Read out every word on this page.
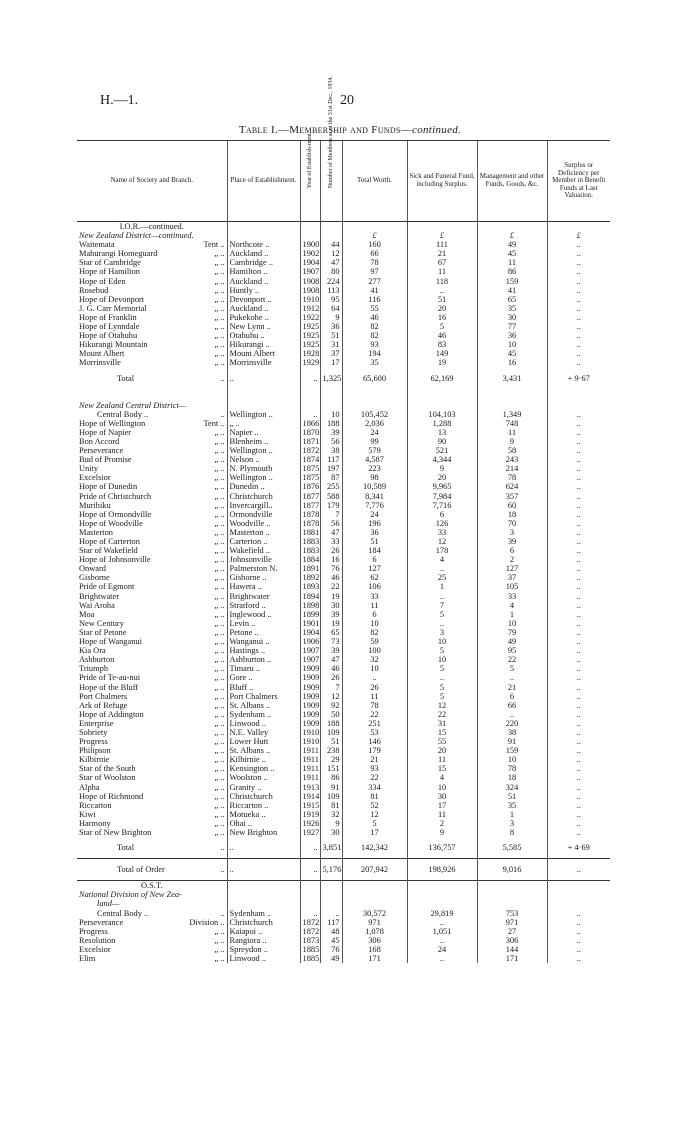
H.—1.	20
Table I.—Membership and Funds—continued.
Name of Society and Branch.	Place of Establishment.	Year of Establish-ment.	Number of Members as at the 31st Dec., 1934.	Total Worth.	Sick and Funeral Fund, including Surplus.	Management and other Funds, Goods, &c.	Surplus or Deficiency per Member in Benefit Funds at Last Valuation.
I.O.R.—continued.							
New Zealand District—continued.				£	£	£	£
Waitemata Tent ..	Northcote ..	1900	44	160	111	49	..
Mahurangi Homeguard „ ..	Auckland ..	1902	12	66	21	45	..
Star of Cambridge „ ..	Cambridge ..	1904	47	78	67	11	..
Hope of Hamilton „ ..	Hamilton ..	1907	80	97	11	86	..
Hope of Eden „ ..	Auckland ..	1908	224	277	118	159	..
Rosebud „ ..	Huntly ..	1908	113	41	..	41	..
Hope of Devonport „ ..	Devonport ..	1910	95	116	51	65	..
J. G. Carr Memorial „ ..	Auckland ..	1912	64	55	20	35	..
Hope of Franklin „ ..	Pukekohe ..	1922	9	46	16	30	..
Hope of Lynndale „ ..	New Lynn ..	1925	36	82	5	77	..
Hope of Otahuhu „ ..	Otahuhu ..	1925	51	82	46	36	..
Hikurangi Mountain „ ..	Hikurangi ..	1925	31	93	83	10	..
Mount Albert „ ..	Mount Albert	1928	37	194	149	45	..
Morrinsville „ ..	Morrinsville	1929	17	35	19	16	..
Total ..	..	..	1,325	65,600	62,169	3,431	+ 9·67

New Zealand Central District—							
Central Body .. ..	Wellington ..	..	10	105,452	104,103	1,349	..
Hope of Wellington Tent ..	„ ..	1866	188	2,036	1,288	748	..
Hope of Napier „ ..	Napier ..	1870	39	24	13	11	..
Bon Accord „ ..	Blenheim ..	1871	56	99	90	9	..
Perseverance „ ..	Wellington ..	1872	38	579	521	58	..
Bud of Promise „ ..	Nelson ..	1874	117	4,587	4,344	243	..
Unity „ ..	N. Plymouth	1875	197	223	9	214	..
Excelsior „ ..	Wellington ..	1875	87	98	20	78	..
Hope of Dunedin „ ..	Dunedin ..	1876	255	10,589	9,965	624	..
Pride of Christchurch „ ..	Christchurch	1877	588	8,341	7,984	357	..
Murihiku „ ..	Invercargill..	1877	179	7,776	7,716	60	..
Hope of Ormondville „ ..	Ormondville	1878	7	24	6	18	..
Hope of Woodville „ ..	Woodville ..	1878	56	196	126	70	..
Masterton „ ..	Masterton ..	1881	47	36	33	3	..
Hope of Carterton „ ..	Carterton ..	1883	33	51	12	39	..
Star of Wakefield „ ..	Wakefield ..	1883	26	184	178	6	..
Hope of Johnsonville „ ..	Johnsonville	1884	16	6	4	2	..
Onward „ ..	Palmerston N.	1891	76	127	..	127	..
Gisborne „ ..	Gisborne ..	1892	46	62	25	37	..
Pride of Egmont „ ..	Hawera ..	1893	22	106	1	105	..
Brightwater „ ..	Brightwater	1894	19	33	..	33	..
Wai Aroha „ ..	Stratford ..	1898	30	11	7	4	..
Moa „ ..	Inglewood ..	1899	39	6	5	1	..
New Century „ ..	Levin ..	1901	19	10	..	10	..
Star of Petone „ ..	Petone ..	1904	65	82	3	79	..
Hope of Wanganui „ ..	Wanganui ..	1906	73	59	10	49	..
Kia Ora „ ..	Hastings ..	1907	39	100	5	95	..
Ashburton „ ..	Ashburton ..	1907	47	32	10	22	..
Triumph „ ..	Timaru ..	1909	46	10	5	5	..
Pride of Te-au-nui „ ..	Gore ..	1909	26	..	..	..	..
Hope of the Bluff „ ..	Bluff ..	1909	7	26	5	21	..
Port Chalmers „ ..	Port Chalmers	1909	12	11	5	6	..
Ark of Refuge „ ..	St. Albans ..	1909	92	78	12	66	..
Hope of Addington „ ..	Sydenham ..	1909	50	22	22	..	..
Enterprise „ ..	Linwood ..	1909	188	251	31	220	..
Sobriety „ ..	N.E. Valley	1910	109	53	15	38	..
Progress „ ..	Lower Hutt	1910	51	146	55	91	..
Philipson „ ..	St. Albans ..	1911	238	179	20	159	..
Kilbirnie „ ..	Kilbirnie ..	1911	29	21	11	10	..
Star of the South „ ..	Kensington ..	1911	151	93	15	78	..
Star of Woolston „ ..	Woolston ..	1911	86	22	4	18	..
Alpha „ ..	Granity ..	1913	91	334	10	324	..
Hope of Richmond „ ..	Christchurch	1914	109	81	30	51	..
Riccarton „ ..	Riccarton ..	1915	81	52	17	35	..
Kiwi „ ..	Motueka ..	1919	32	12	11	1	..
Harmony „ ..	Ohai ..	1926	9	5	2	3	..
Star of New Brighton „ ..	New Brighton	1927	30	17	9	8	..
Total ..	..	..	3,851	142,342	136,757	5,585	+ 4·69
Total of Order ..	..	..	5,176	207,942	198,926	9,016	..
O.S.T.							
National Division of New Zea-							
land—							
Central Body .. ..	Sydenham ..	..	..	30,572	29,819	753	..
Perseverance Division ..	Christchurch	1872	117	971	..	971	..
Progress „ ..	Kaiapoi ..	1872	48	1,078	1,051	27	..
Resolution „ ..	Rangiora ..	1873	45	306	..	306	..
Excelsior „ ..	Spreydon ..	1885	76	168	24	144	..
Elim „ ..	Linwood ..	1885	49	171	..	171	..
